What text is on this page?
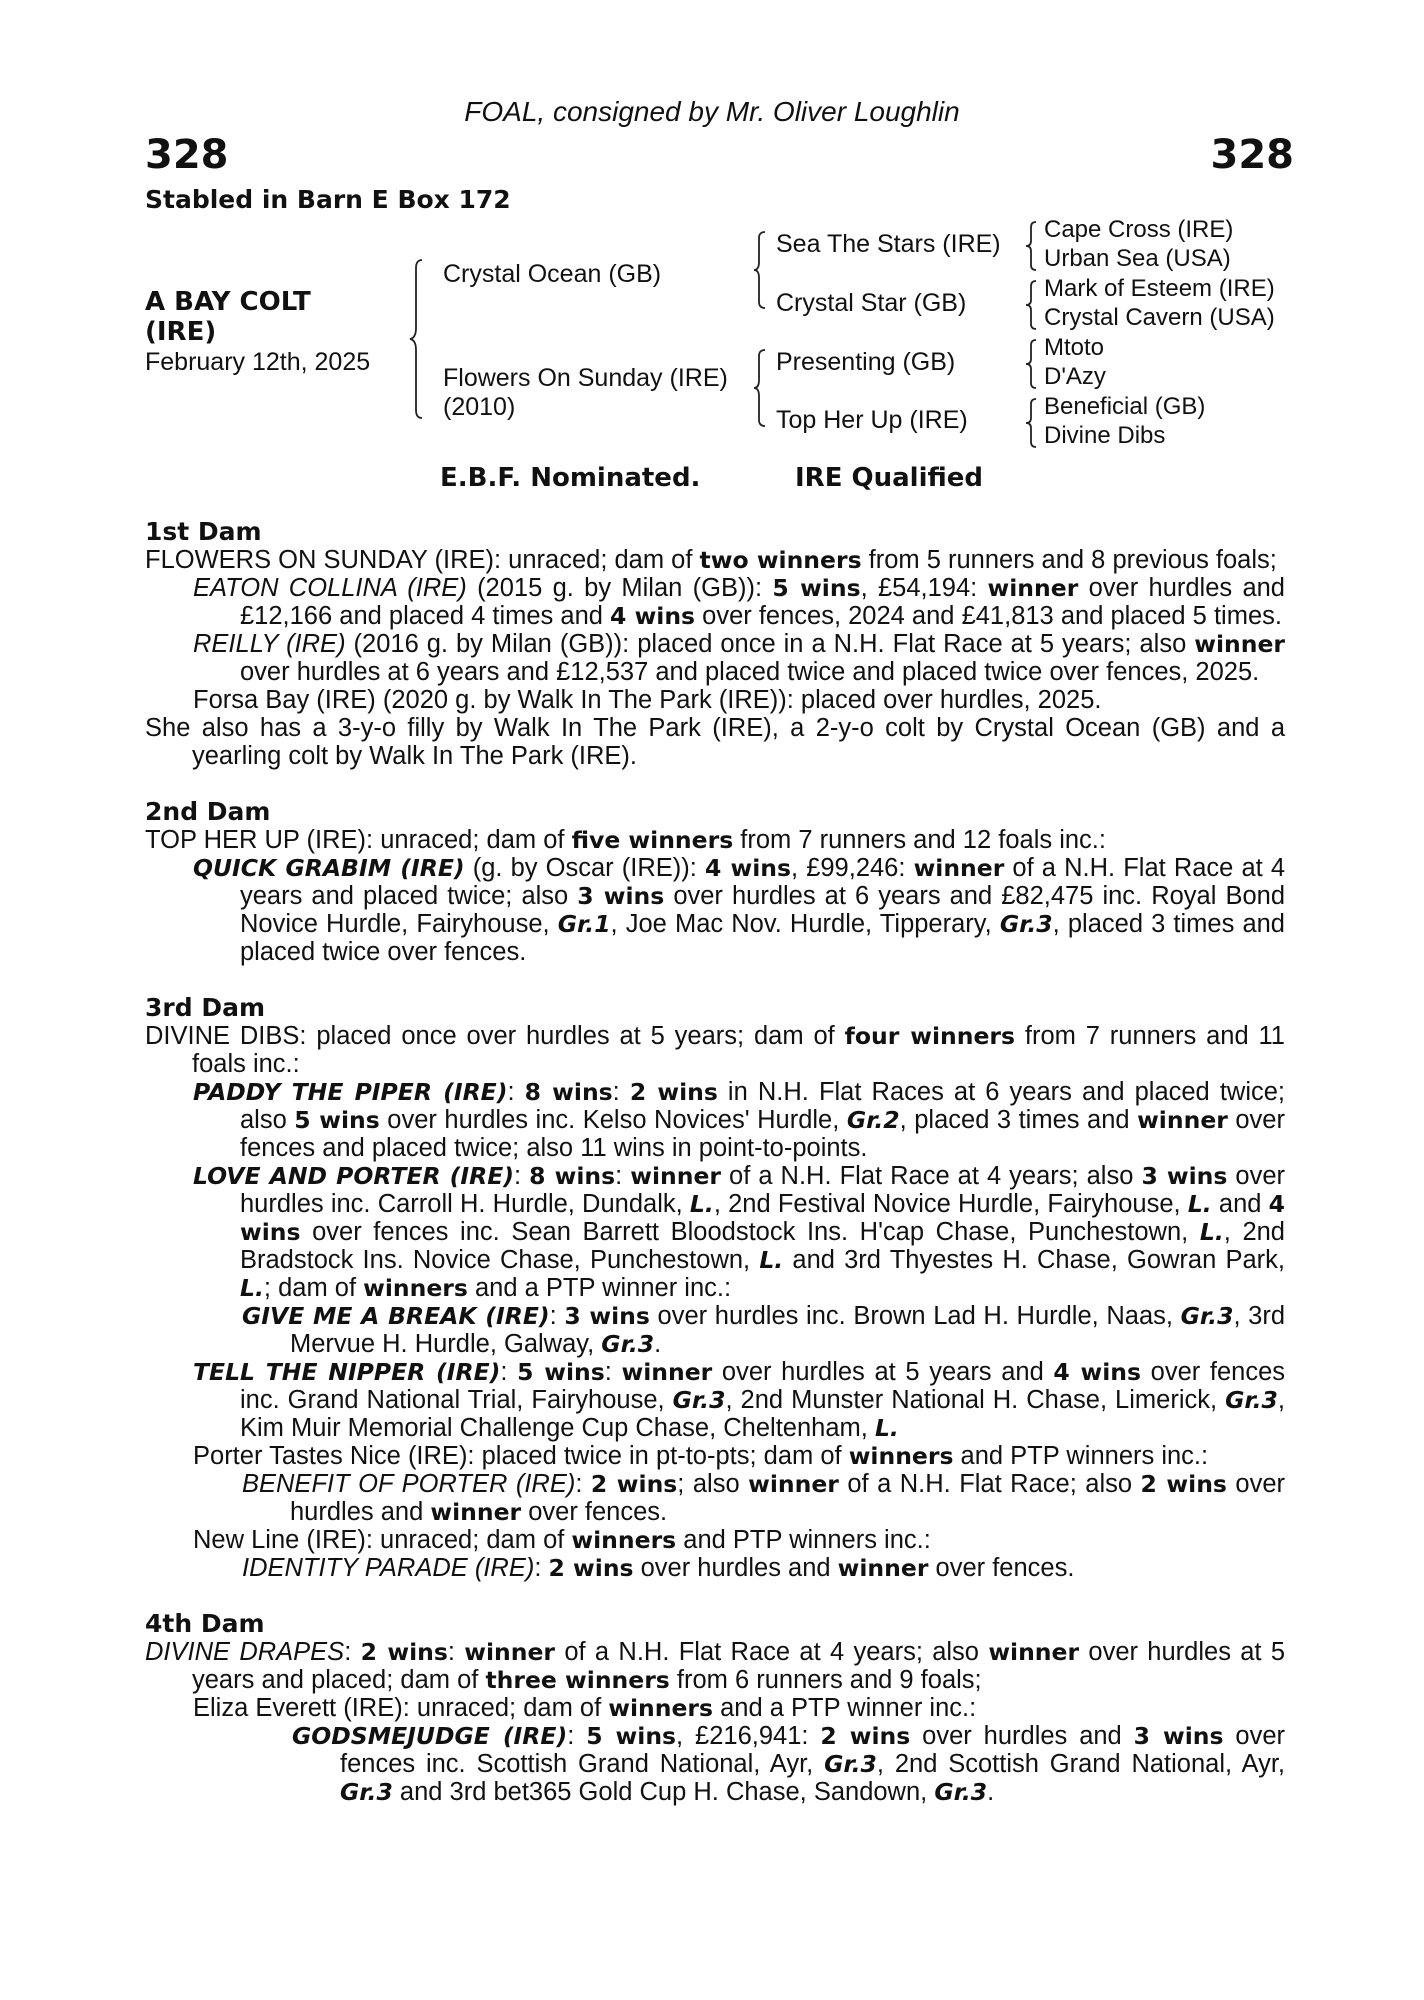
FOAL, consigned by Mr. Oliver Loughlin
328	328
Stabled in Barn E Box 172
A BAY COLT
(IRE)
February 12th, 2025
Crystal Ocean (GB)
Flowers On Sunday (IRE)
(2010)
Sea The Stars (IRE)
Crystal Star (GB)
Presenting (GB)
Top Her Up (IRE)
Cape Cross (IRE)
Urban Sea (USA)
Mark of Esteem (IRE)
Crystal Cavern (USA)
Mtoto
D'Azy
Beneficial (GB)
Divine Dibs
E.B.F. Nominated.	IRE Qualified

1st Dam

FLOWERS ON SUNDAY (IRE): unraced; dam of two winners from 5 runners and 8 previous foals;

EATON COLLINA (IRE) (2015 g. by Milan (GB)): 5 wins, £54,194: winner over hurdles and £12,166 and placed 4 times and 4 wins over fences, 2024 and £41,813 and placed 5 times.

REILLY (IRE) (2016 g. by Milan (GB)): placed once in a N.H. Flat Race at 5 years; also winner over hurdles at 6 years and £12,537 and placed twice and placed twice over fences, 2025.

Forsa Bay (IRE) (2020 g. by Walk In The Park (IRE)): placed over hurdles, 2025.

She also has a 3-y-o filly by Walk In The Park (IRE), a 2-y-o colt by Crystal Ocean (GB) and a yearling colt by Walk In The Park (IRE).

2nd Dam

TOP HER UP (IRE): unraced; dam of five winners from 7 runners and 12 foals inc.:

QUICK GRABIM (IRE) (g. by Oscar (IRE)): 4 wins, £99,246: winner of a N.H. Flat Race at 4 years and placed twice; also 3 wins over hurdles at 6 years and £82,475 inc. Royal Bond Novice Hurdle, Fairyhouse, Gr.1, Joe Mac Nov. Hurdle, Tipperary, Gr.3, placed 3 times and placed twice over fences.

3rd Dam

DIVINE DIBS: placed once over hurdles at 5 years; dam of four winners from 7 runners and 11 foals inc.:

PADDY THE PIPER (IRE): 8 wins: 2 wins in N.H. Flat Races at 6 years and placed twice; also 5 wins over hurdles inc. Kelso Novices' Hurdle, Gr.2, placed 3 times and winner over fences and placed twice; also 11 wins in point-to-points.

LOVE AND PORTER (IRE): 8 wins: winner of a N.H. Flat Race at 4 years; also 3 wins over hurdles inc. Carroll H. Hurdle, Dundalk, L., 2nd Festival Novice Hurdle, Fairyhouse, L. and 4 wins over fences inc. Sean Barrett Bloodstock Ins. H'cap Chase, Punchestown, L., 2nd Bradstock Ins. Novice Chase, Punchestown, L. and 3rd Thyestes H. Chase, Gowran Park, L.; dam of winners and a PTP winner inc.:

GIVE ME A BREAK (IRE): 3 wins over hurdles inc. Brown Lad H. Hurdle, Naas, Gr.3, 3rd Mervue H. Hurdle, Galway, Gr.3.

TELL THE NIPPER (IRE): 5 wins: winner over hurdles at 5 years and 4 wins over fences inc. Grand National Trial, Fairyhouse, Gr.3, 2nd Munster National H. Chase, Limerick, Gr.3, Kim Muir Memorial Challenge Cup Chase, Cheltenham, L.

Porter Tastes Nice (IRE): placed twice in pt-to-pts; dam of winners and PTP winners inc.:

BENEFIT OF PORTER (IRE): 2 wins; also winner of a N.H. Flat Race; also 2 wins over hurdles and winner over fences.

New Line (IRE): unraced; dam of winners and PTP winners inc.:

IDENTITY PARADE (IRE): 2 wins over hurdles and winner over fences.

4th Dam

DIVINE DRAPES: 2 wins: winner of a N.H. Flat Race at 4 years; also winner over hurdles at 5 years and placed; dam of three winners from 6 runners and 9 foals;

Eliza Everett (IRE): unraced; dam of winners and a PTP winner inc.:

GODSMEJUDGE (IRE): 5 wins, £216,941: 2 wins over hurdles and 3 wins over fences inc. Scottish Grand National, Ayr, Gr.3, 2nd Scottish Grand National, Ayr, Gr.3 and 3rd bet365 Gold Cup H. Chase, Sandown, Gr.3.
